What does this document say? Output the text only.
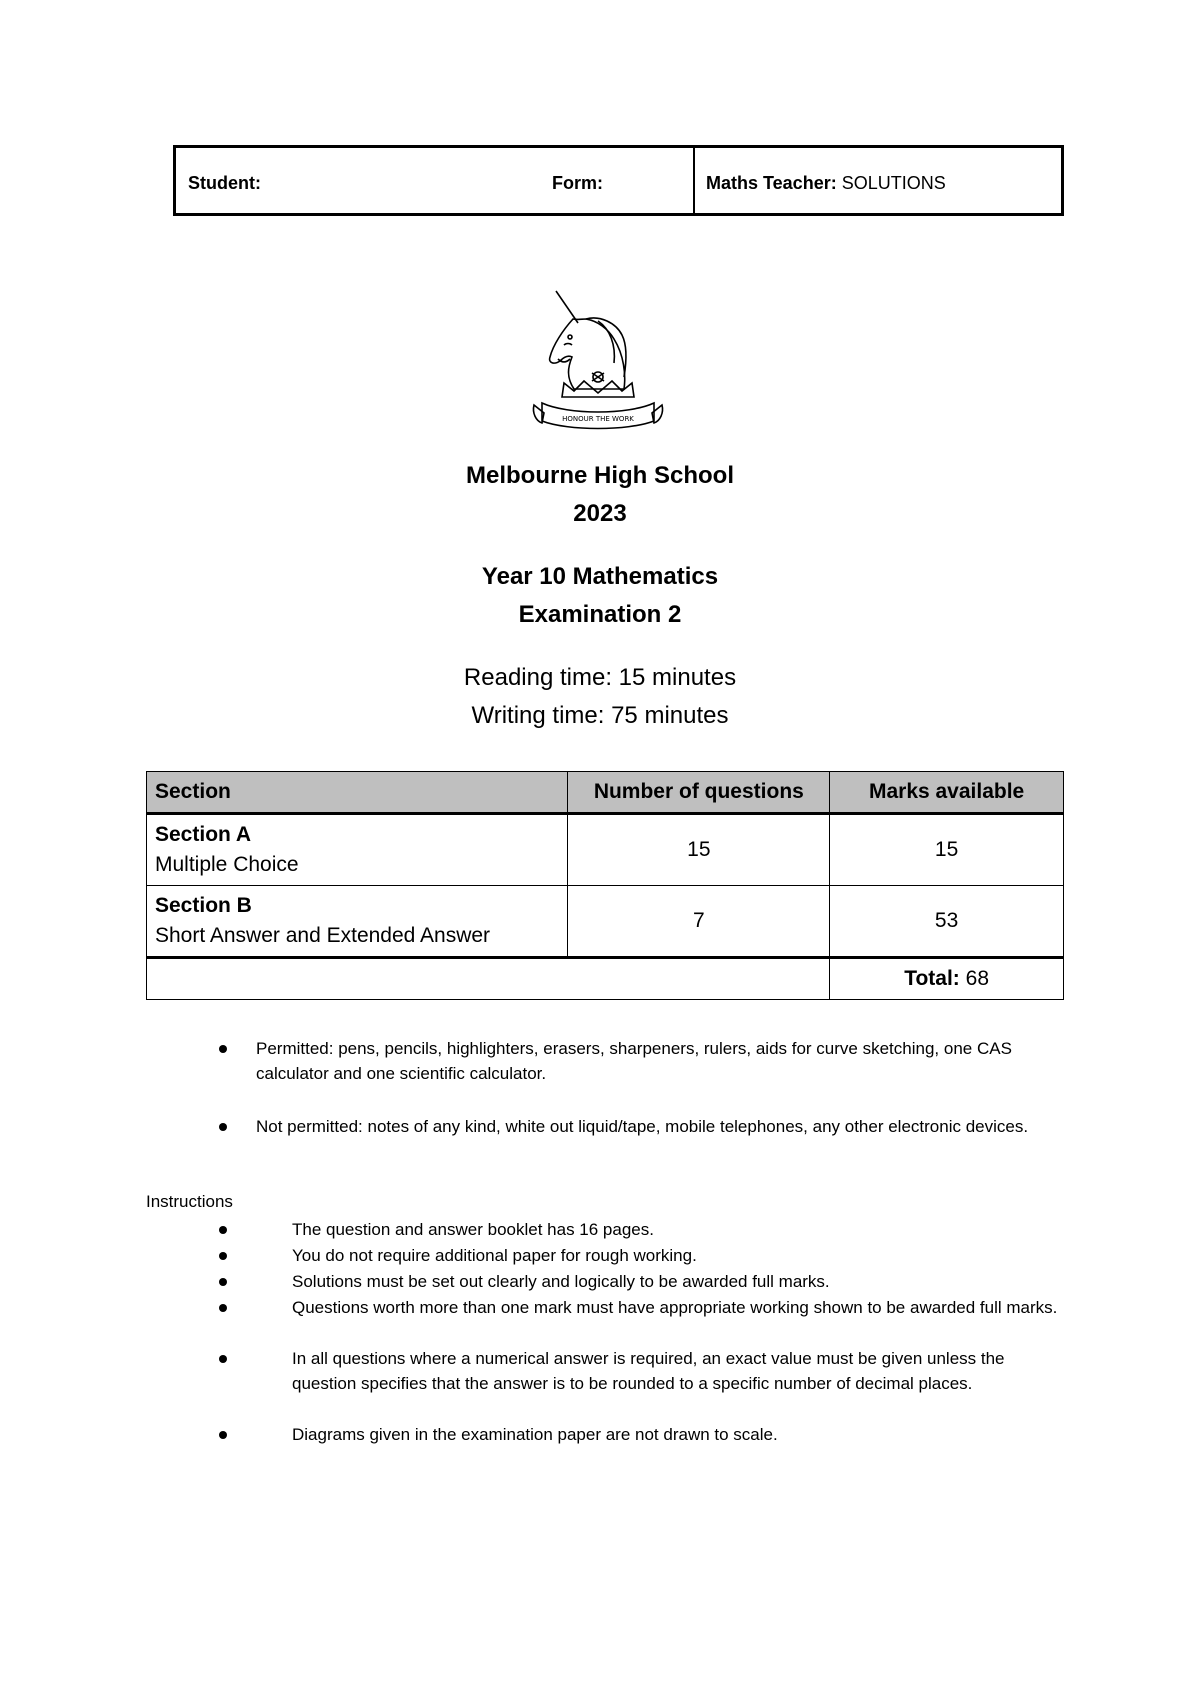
Student:	Form:	Maths Teacher: SOLUTIONS
HONOUR THE WORK
Melbourne High School
2023
Year 10 Mathematics
Examination 2
Reading time: 15 minutes
Writing time: 75 minutes
Section	Number of questions	Marks available
Section A
Multiple Choice	15	15
Section B
Short Answer and Extended Answer	7	53
		Total: 68
Permitted: pens, pencils, highlighters, erasers, sharpeners, rulers, aids for curve sketching, one CAS calculator and one scientific calculator.
Not permitted: notes of any kind, white out liquid/tape, mobile telephones, any other electronic devices.
Instructions
The question and answer booklet has 16 pages.
You do not require additional paper for rough working.
Solutions must be set out clearly and logically to be awarded full marks.
Questions worth more than one mark must have appropriate working shown to be awarded full marks.
In all questions where a numerical answer is required, an exact value must be given unless the question specifies that the answer is to be rounded to a specific number of decimal places.
Diagrams given in the examination paper are not drawn to scale.
